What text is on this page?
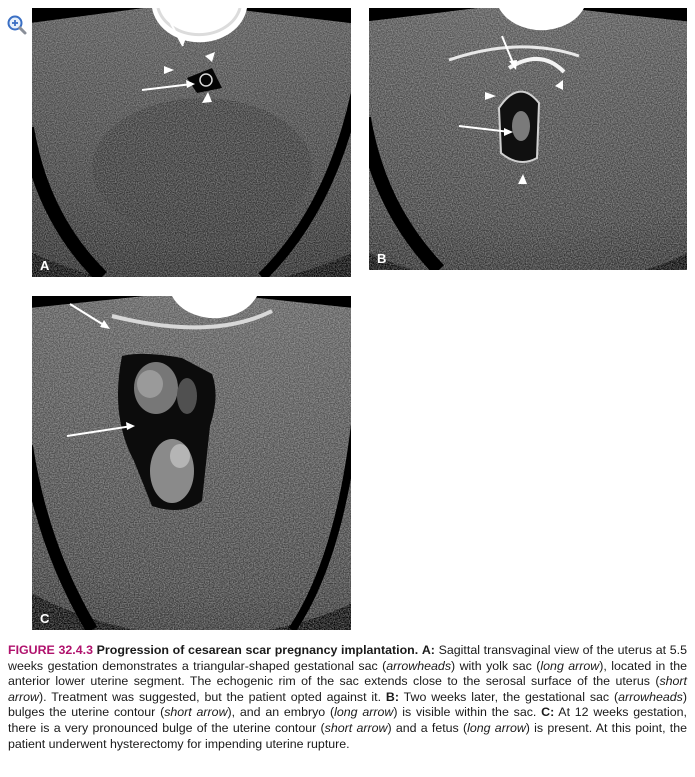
A	B
C
FIGURE 32.4.3 Progression of cesarean scar pregnancy implantation. A: Sagittal transvaginal view of the uterus at 5.5 weeks gestation demonstrates a triangular-shaped gestational sac (arrowheads) with yolk sac (long arrow), located in the anterior lower uterine segment. The echogenic rim of the sac extends close to the serosal surface of the uterus (short arrow). Treatment was suggested, but the patient opted against it. B: Two weeks later, the gestational sac (arrowheads) bulges the uterine contour (short arrow), and an embryo (long arrow) is visible within the sac. C: At 12 weeks gestation, there is a very pronounced bulge of the uterine contour (short arrow) and a fetus (long arrow) is present. At this point, the patient underwent hysterectomy for impending uterine rupture.
